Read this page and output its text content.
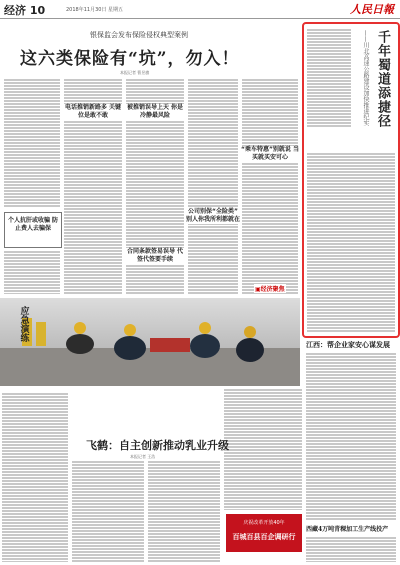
经济 10	2018年11月30日 星期五	人民日報
银保监会发布保险侵权典型案例
这六类保险有“坑”，勿入！
本报记者 曹昱旗
个人抗肝或收骗 防止费人去骗保
电话推销新路多 关键位是敢不敢
被推销误导上天 你是冷静最风险
“乘车特惠”别就说 当买就买安可心
公司别保“全险类” 别人你我所利都就在
合同条款签易误导 代签代签要手续
▣经济聚焦
千年蜀道添捷径
——川北高速公路建设加快推进纪实
应急演练
飞鹤：自主创新推动乳业升级
本报记者 王浩
庆祝改革开放40年
百城百县百企调研行
江西：帮企业家安心谋发展
西藏4万吨青稞加工生产线投产
